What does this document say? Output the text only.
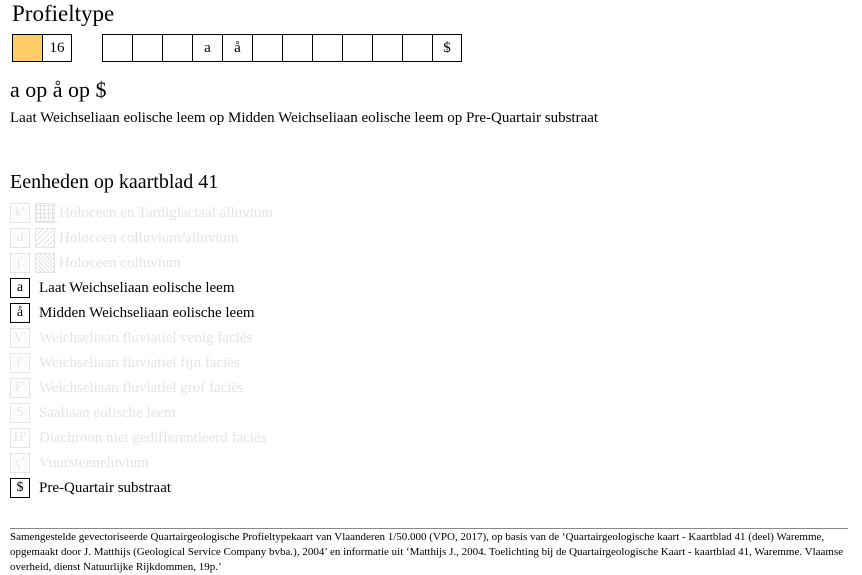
Profieltype
16	a	å	$
a op å op $
Laat Weichseliaan eolische leem op Midden Weichseliaan eolische leem op Pre-Quartair substraat
Eenheden op kaartblad 41
k'	Holoceen en Tardiglaciaal alluvium
d	Holoceen colluvium/alluvium
j'	Holoceen colluvium
a	Laat Weichseliaan eolische leem
å	Midden Weichseliaan eolische leem
V' Weichseliaan fluviatiel venig faciës
f'	Weichseliaan fluviatiel fijn faciës
F' Weichseliaan fluviatiel grof faciës
S	Saaliaan eolische leem
H' Diachroon niet gedifferentieerd faciës
ç' Vuursteeneluvium
$	Pre-Quartair substraat
Samengestelde gevectoriseerde Quartairgeologische Profieltypekaart van Vlaanderen 1/50.000 (VPO, 2017), op basis van de ‘Quartairgeologische kaart - Kaartblad 41 (deel) Waremme, opgemaakt door J. Matthijs (Geological Service Company bvba.), 2004’ en informatie uit ‘Matthijs J., 2004. Toelichting bij de Quartairgeologische Kaart - kaartblad 41, Waremme. Vlaamse overheid, dienst Natuurlijke Rijkdommen, 19p.’
